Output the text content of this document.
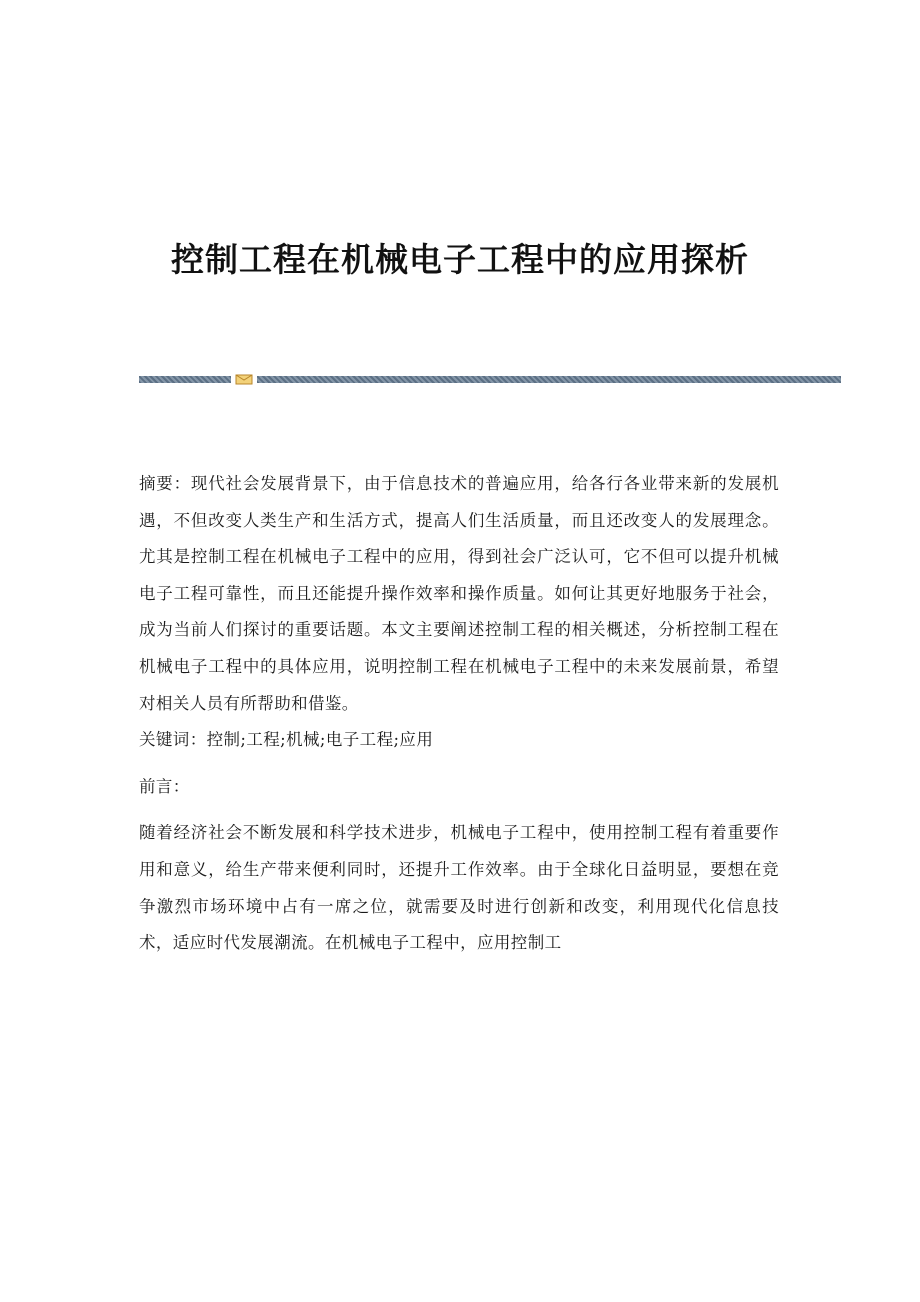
控制工程在机械电子工程中的应用探析

摘要：现代社会发展背景下，由于信息技术的普遍应用，给各行各业带来新的发展机遇，不但改变人类生产和生活方式，提高人们生活质量，而且还改变人的发展理念。尤其是控制工程在机械电子工程中的应用，得到社会广泛认可，它不但可以提升机械电子工程可靠性，而且还能提升操作效率和操作质量。如何让其更好地服务于社会，成为当前人们探讨的重要话题。本文主要阐述控制工程的相关概述，分析控制工程在机械电子工程中的具体应用，说明控制工程在机械电子工程中的未来发展前景，希望对相关人员有所帮助和借鉴。

关键词：控制;工程;机械;电子工程;应用

前言：

随着经济社会不断发展和科学技术进步，机械电子工程中，使用控制工程有着重要作用和意义，给生产带来便利同时，还提升工作效率。由于全球化日益明显，要想在竞争激烈市场环境中占有一席之位，就需要及时进行创新和改变，利用现代化信息技术，适应时代发展潮流。在机械电子工程中，应用控制工
